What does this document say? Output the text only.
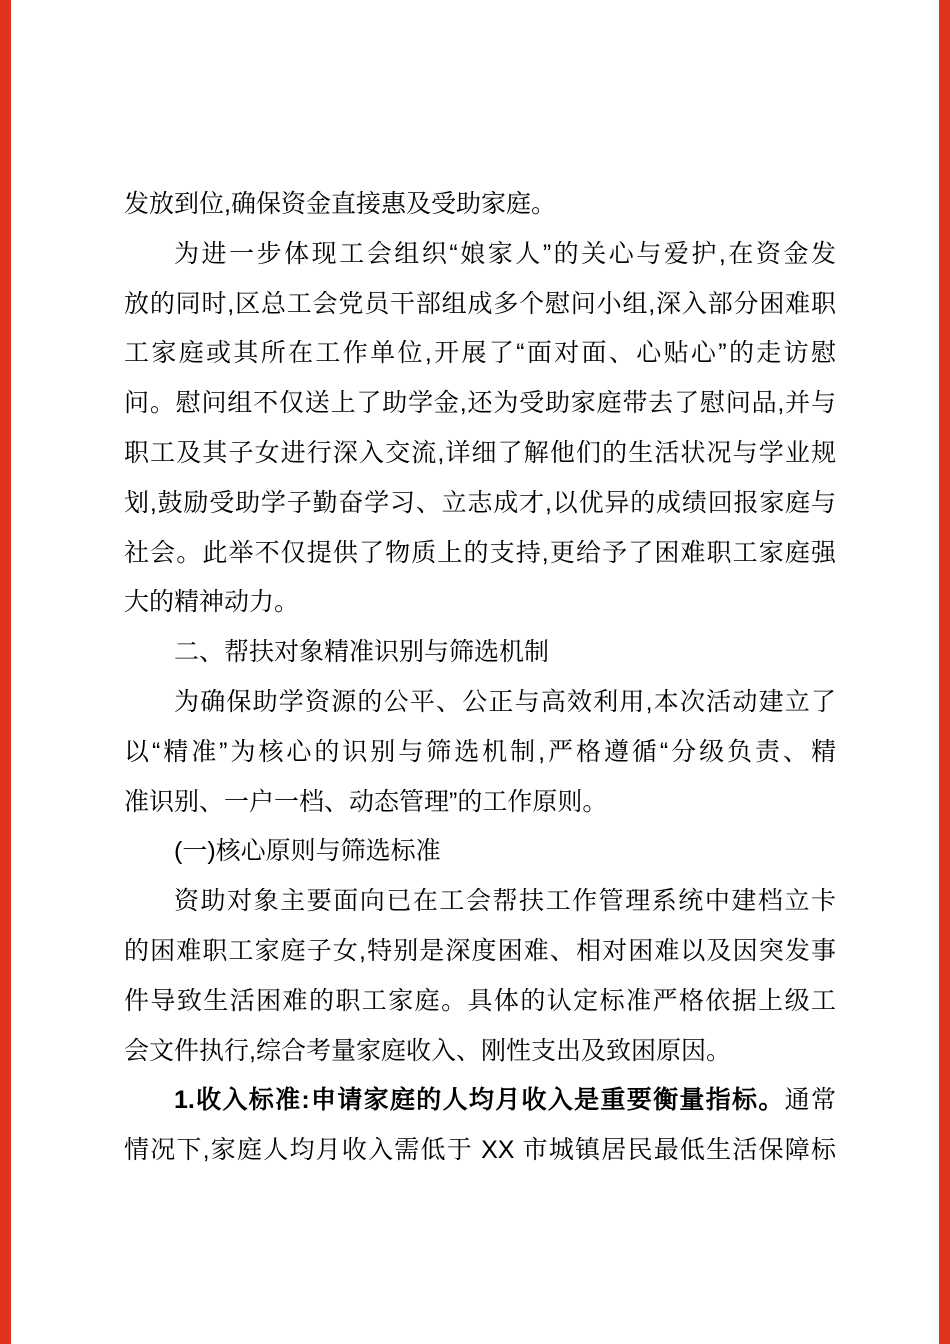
发放到位,确保资金直接惠及受助家庭。
为进一步体现工会组织“娘家人”的关心与爱护,在资金发
放的同时,区总工会党员干部组成多个慰问小组,深入部分困难职
工家庭或其所在工作单位,开展了“面对面、心贴心”的走访慰
问。慰问组不仅送上了助学金,还为受助家庭带去了慰问品,并与
职工及其子女进行深入交流,详细了解他们的生活状况与学业规
划,鼓励受助学子勤奋学习、立志成才,以优异的成绩回报家庭与
社会。此举不仅提供了物质上的支持,更给予了困难职工家庭强
大的精神动力。
二、帮扶对象精准识别与筛选机制
为确保助学资源的公平、公正与高效利用,本次活动建立了
以“精准”为核心的识别与筛选机制,严格遵循“分级负责、精
准识别、一户一档、动态管理”的工作原则。
(一)核心原则与筛选标准
资助对象主要面向已在工会帮扶工作管理系统中建档立卡
的困难职工家庭子女,特别是深度困难、相对困难以及因突发事
件导致生活困难的职工家庭。具体的认定标准严格依据上级工
会文件执行,综合考量家庭收入、刚性支出及致困原因。
1.收入标准:申请家庭的人均月收入是重要衡量指标。通常
情况下,家庭人均月收入需低于 XX 市城镇居民最低生活保障标
